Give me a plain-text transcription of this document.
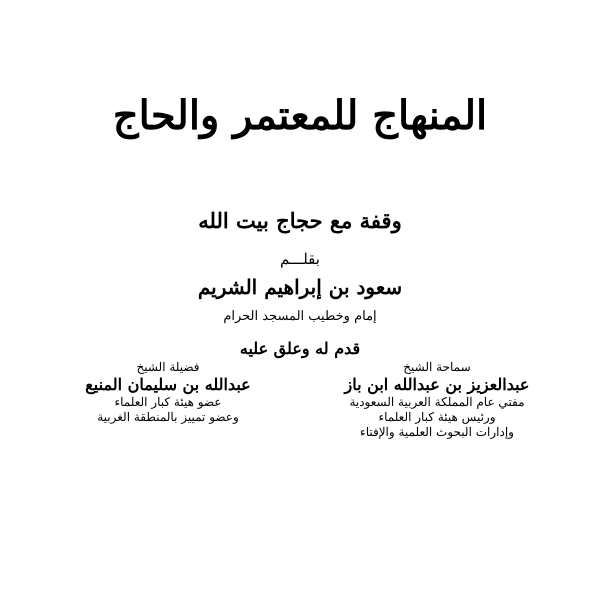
المنهاج للمعتمر والحاج
وقفة مع حجاج بيت الله
بقلـــم
سعود بن إبراهيم الشريم
إمام وخطيب المسجد الحرام
قدم له وعلق عليه
سماحة الشيخ
عبدالعزيز بن عبدالله ابن باز
مفتي عام المملكة العربية السعودية
ورئيس هيئة كبار العلماء
وإدارات البحوث العلمية والإفتاء
فضيلة الشيخ
عبدالله بن سليمان المنيع
عضو هيئة كبار العلماء
وعضو تمييز بالمنطقة الغربية
